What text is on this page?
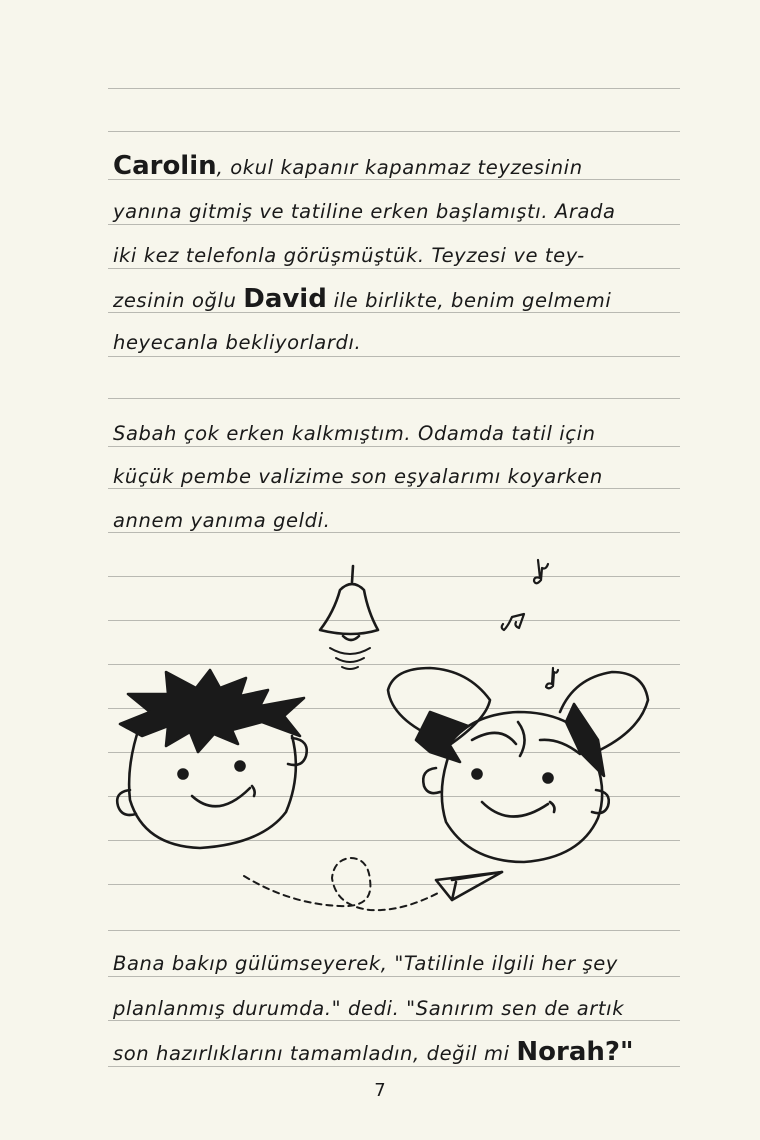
Carolin, okul kapanır kapanmaz teyzesinin
yanına gitmiş ve tatiline erken başlamıştı. Arada
iki kez telefonla görüşmüştük. Teyzesi ve tey-
zesinin oğlu David ile birlikte, benim gelmemi
heyecanla bekliyorlardı.
Sabah çok erken kalkmıştım. Odamda tatil için
küçük pembe valizime son eşyalarımı koyarken
annem yanıma geldi.
Bana bakıp gülümseyerek, "Tatilinle ilgili her şey
planlanmış durumda." dedi. "Sanırım sen de artık
son hazırlıklarını tamamladın, değil mi Norah?"
7
